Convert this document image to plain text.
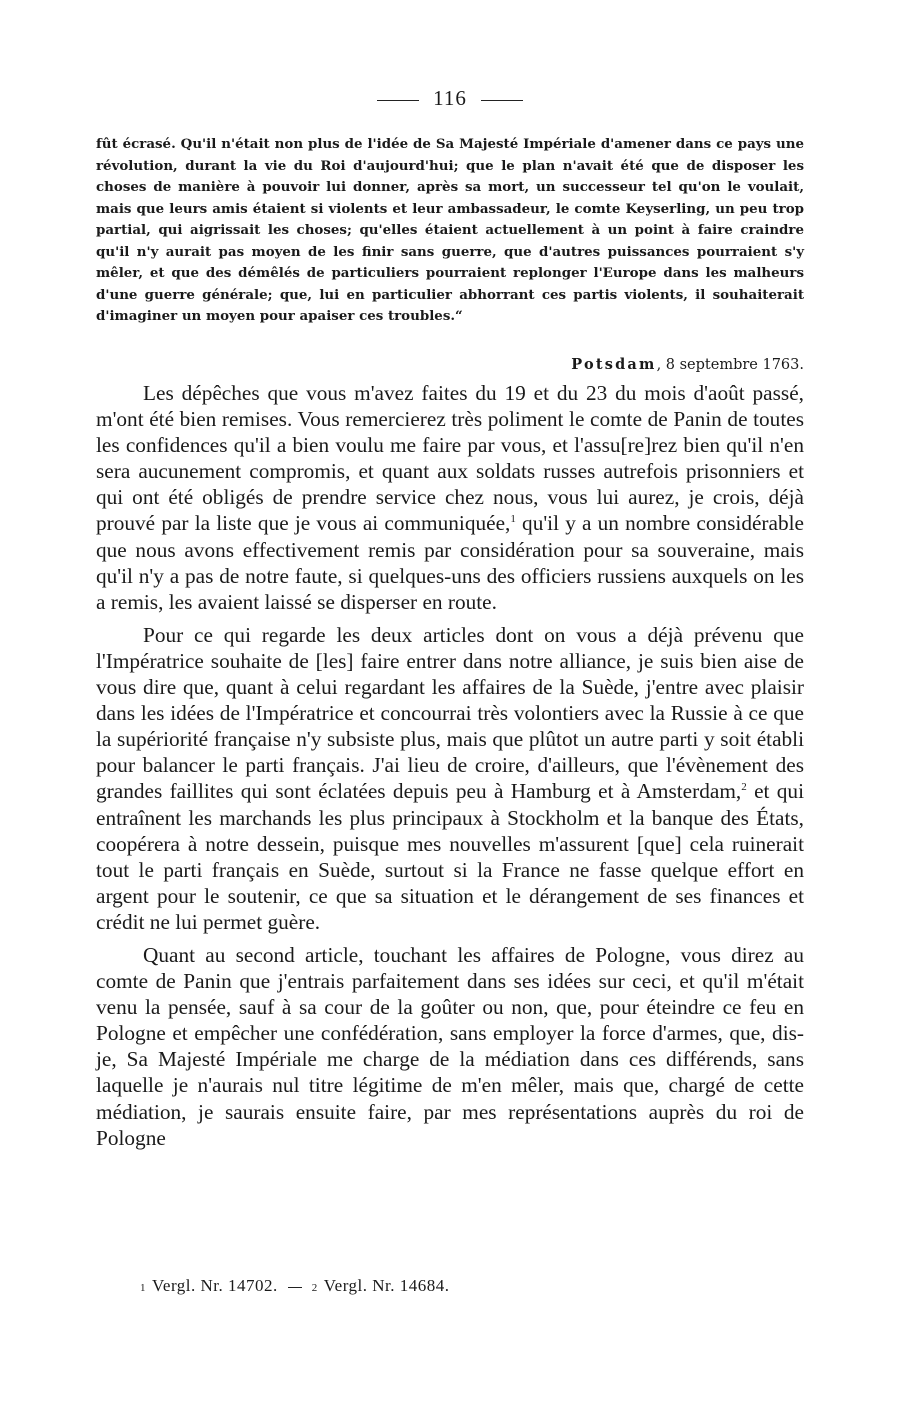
116
fût écrasé. Qu'il n'était non plus de l'idée de Sa Majesté Impériale d'amener dans ce pays une révolution, durant la vie du Roi d'aujourd'hui; que le plan n'avait été que de disposer les choses de manière à pouvoir lui donner, après sa mort, un successeur tel qu'on le voulait, mais que leurs amis étaient si violents et leur ambassadeur, le comte Keyserling, un peu trop partial, qui aigrissait les choses; qu'elles étaient actuellement à un point à faire craindre qu'il n'y aurait pas moyen de les finir sans guerre, que d'autres puissances pourraient s'y mêler, et que des démêlés de particuliers pourraient replonger l'Europe dans les malheurs d'une guerre générale; que, lui en particulier abhorrant ces partis violents, il souhaiterait d'imaginer un moyen pour apaiser ces troubles.“
Potsdam, 8 septembre 1763.

Les dépêches que vous m'avez faites du 19 et du 23 du mois d'août passé, m'ont été bien remises. Vous remercierez très poliment le comte de Panin de toutes les confidences qu'il a bien voulu me faire par vous, et l'assu[re]rez bien qu'il n'en sera aucunement compromis, et quant aux soldats russes autrefois prisonniers et qui ont été obligés de prendre service chez nous, vous lui aurez, je crois, déjà prouvé par la liste que je vous ai communiquée,$^1$ qu'il y a un nombre considérable que nous avons effectivement remis par considération pour sa souveraine, mais qu'il n'y a pas de notre faute, si quelques-uns des officiers russiens auxquels on les a remis, les avaient laissé se disperser en route.

Pour ce qui regarde les deux articles dont on vous a déjà prévenu que l'Impératrice souhaite de [les] faire entrer dans notre alliance, je suis bien aise de vous dire que, quant à celui regardant les affaires de la Suède, j'entre avec plaisir dans les idées de l'Impératrice et concourrai très volontiers avec la Russie à ce que la supériorité française n'y subsiste plus, mais que plûtot un autre parti y soit établi pour balancer le parti français. J'ai lieu de croire, d'ailleurs, que l'évènement des grandes faillites qui sont éclatées depuis peu à Hamburg et à Amsterdam,$^2$ et qui entraînent les marchands les plus principaux à Stockholm et la banque des États, coopérera à notre dessein, puisque mes nouvelles m'assurent [que] cela ruinerait tout le parti français en Suède, surtout si la France ne fasse quelque effort en argent pour le soutenir, ce que sa situation et le dérangement de ses finances et crédit ne lui permet guère.

Quant au second article, touchant les affaires de Pologne, vous direz au comte de Panin que j'entrais parfaitement dans ses idées sur ceci, et qu'il m'était venu la pensée, sauf à sa cour de la goûter ou non, que, pour éteindre ce feu en Pologne et empêcher une confédération, sans employer la force d'armes, que, dis-je, Sa Majesté Impériale me charge de la médiation dans ces différends, sans laquelle je n'aurais nul titre légitime de m'en mêler, mais que, chargé de cette médiation, je saurais ensuite faire, par mes représentations auprès du roi de Pologne

1 Vergl. Nr. 14702.	2 Vergl. Nr. 14684.
